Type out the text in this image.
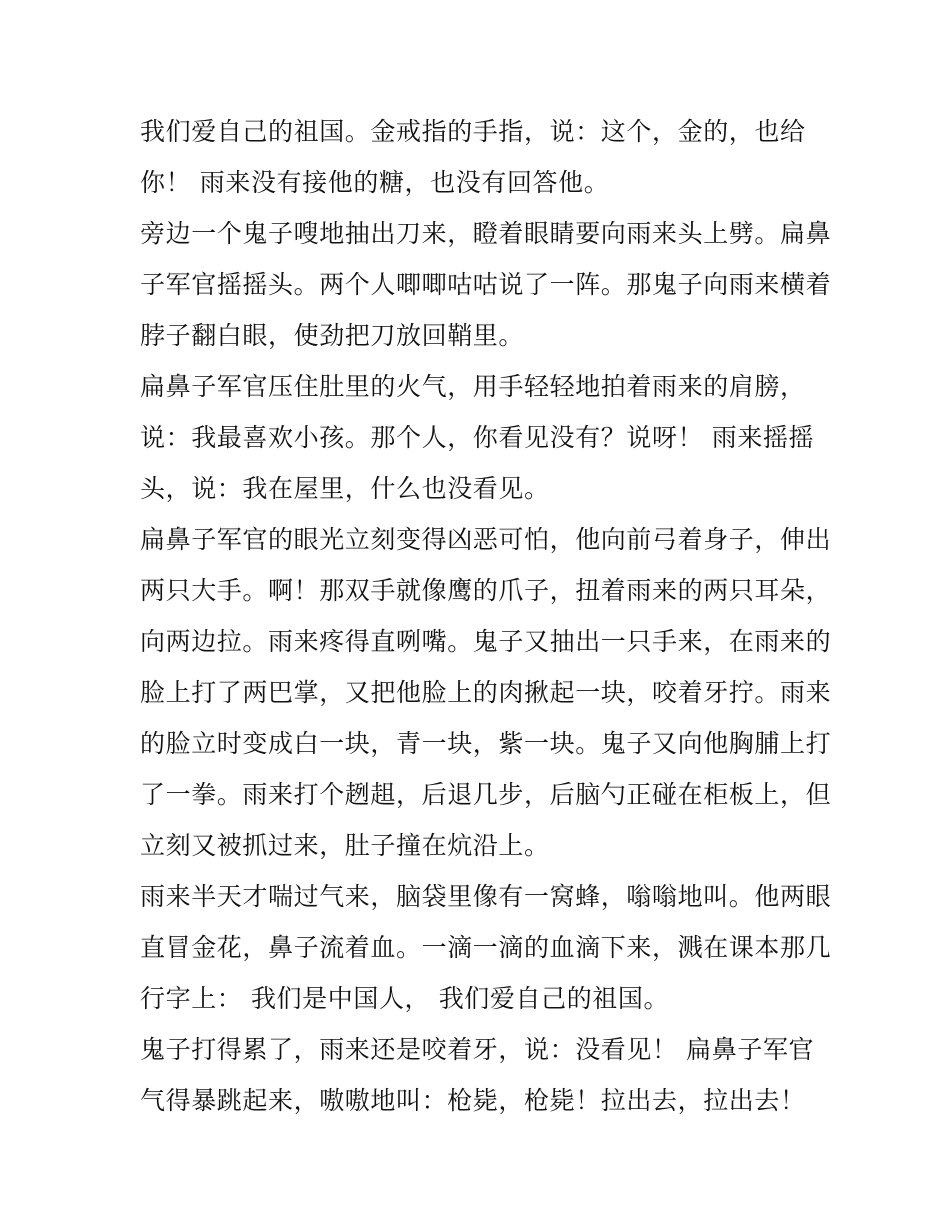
我们爱自己的祖国。金戒指的手指，说：这个，金的，也给
你！ 雨来没有接他的糖，也没有回答他。

旁边一个鬼子嗖地抽出刀来，瞪着眼睛要向雨来头上劈。扁鼻
子军官摇摇头。两个人唧唧咕咕说了一阵。那鬼子向雨来横着
脖子翻白眼，使劲把刀放回鞘里。

扁鼻子军官压住肚里的火气，用手轻轻地拍着雨来的肩膀，
说：我最喜欢小孩。那个人，你看见没有？说呀！ 雨来摇摇
头，说：我在屋里，什么也没看见。

扁鼻子军官的眼光立刻变得凶恶可怕，他向前弓着身子，伸出
两只大手。啊！那双手就像鹰的爪子，扭着雨来的两只耳朵，
向两边拉。雨来疼得直咧嘴。鬼子又抽出一只手来，在雨来的
脸上打了两巴掌，又把他脸上的肉揪起一块，咬着牙拧。雨来
的脸立时变成白一块，青一块，紫一块。鬼子又向他胸脯上打
了一拳。雨来打个趔趄，后退几步，后脑勺正碰在柜板上，但
立刻又被抓过来，肚子撞在炕沿上。

雨来半天才喘过气来，脑袋里像有一窝蜂，嗡嗡地叫。他两眼
直冒金花，鼻子流着血。一滴一滴的血滴下来，溅在课本那几
行字上： 我们是中国人， 我们爱自己的祖国。

鬼子打得累了，雨来还是咬着牙，说：没看见！ 扁鼻子军官
气得暴跳起来，嗷嗷地叫：枪毙，枪毙！拉出去，拉出去！
